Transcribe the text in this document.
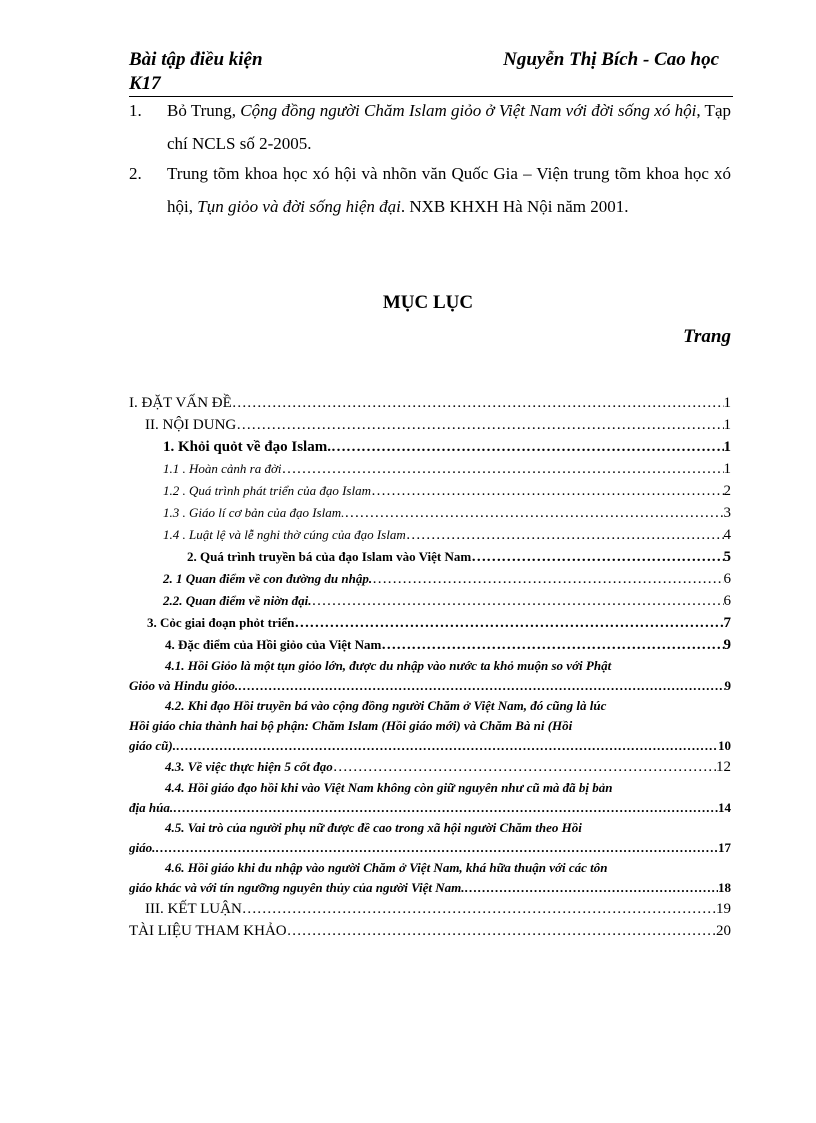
Bài tập điều kiện	Nguyễn Thị Bích - Cao học
K17
1. Bỏ Trung, Cộng đồng người Chăm Islam giỏo ở Việt Nam với đời sống xó hội, Tạp chí NCLS số 2-2005.
2. Trung tõm khoa học xó hội và nhõn văn Quốc Gia – Viện trung tõm khoa học xó hội, Tụn giỏo và đời sống hiện đại. NXB KHXH Hà Nội năm 2001.
MỤC LỤC
Trang
I. ĐẶT VẤN ĐỀ …………………………………………………………………………………………………………………………………………………………………………………………………………………………………………………………………………………	1
II. NỘI DUNG …………………………………………………………………………………………………………………………………………………………………………………………………………………………………………………………………………………	1
1. Khỏi quỏt về đạo Islam. …………………………………………………………………………………………………………………………………………………………………………………………………………………………………………………………………………………	1
1.1 . Hoàn cảnh ra đời …………………………………………………………………………………………………………………………………………………………………………………………………………………………………………………………………………………	1
1.2 . Quá trình phát triển của đạo Islam …………………………………………………………………………………………………………………………………………………………………………………………………………………………………………………………………………………	2
1.3 . Giáo lí cơ bản của đạo Islam. …………………………………………………………………………………………………………………………………………………………………………………………………………………………………………………………………………………	3
1.4 . Luật lệ và lễ nghi thờ cúng của đạo Islam …………………………………………………………………………………………………………………………………………………………………………………………………………………………………………………………………………………	4
2. Quá trình truyền bá của đạo Islam vào Việt Nam …………………………………………………………………………………………………………………………………………………………………………………………………………………………………………………………………………………	5
2. 1 Quan điểm về con đường du nhập. …………………………………………………………………………………………………………………………………………………………………………………………………………………………………………………………………………………	6
2.2. Quan điểm về niờn đại. …………………………………………………………………………………………………………………………………………………………………………………………………………………………………………………………………………………	6
3. Cỏc giai đoạn phỏt triển …………………………………………………………………………………………………………………………………………………………………………………………………………………………………………………………………………………	7
4. Đặc điểm của Hồi giỏo của Việt Nam …………………………………………………………………………………………………………………………………………………………………………………………………………………………………………………………………………………	9
4.1. Hồi Giỏo là một tụn giỏo lớn, được du nhập vào nước ta khỏ muộn so với Phật
Giỏo và Hindu giỏo. …………………………………………………………………………………………………………………………………………………………………………………………………………………	9
4.2. Khi đạo Hồi truyền bá vào cộng đồng người Chăm ở Việt Nam, đó cũng là lúc
Hồi giáo chia thành hai bộ phận: Chăm Islam (Hồi giáo mới) và Chăm Bà ni (Hồi
giáo cũ). …………………………………………………………………………………………………………………………………………………………………………………………………………………	10
4.3. Về việc thực hiện 5 cốt đạo …………………………………………………………………………………………………………………………………………………………………………………………………………………………………………………………………………………	12
4.4. Hồi giáo đạo hồi khi vào Việt Nam không còn giữ nguyên như cũ mà đã bị bản
địa húa. …………………………………………………………………………………………………………………………………………………………………………………………………………………	14
4.5. Vai trò của người phụ nữ được đề cao trong xã hội người Chăm theo Hồi
giáo. …………………………………………………………………………………………………………………………………………………………………………………………………………………	17
4.6. Hồi giáo khi du nhập vào người Chăm ở Việt Nam, khá hữa thuận với các tôn
giáo khác và với tín ngưỡng nguyên thủy của người Việt Nam. …………………………………………………………………………………………………………………………………………………………………………………………………………………	18
III. KẾT LUẬN …………………………………………………………………………………………………………………………………………………………………………………………………………………………………………………………………………………	19
TÀI LIỆU THAM KHẢO …………………………………………………………………………………………………………………………………………………………………………………………………………………………………………………………………………………	20
